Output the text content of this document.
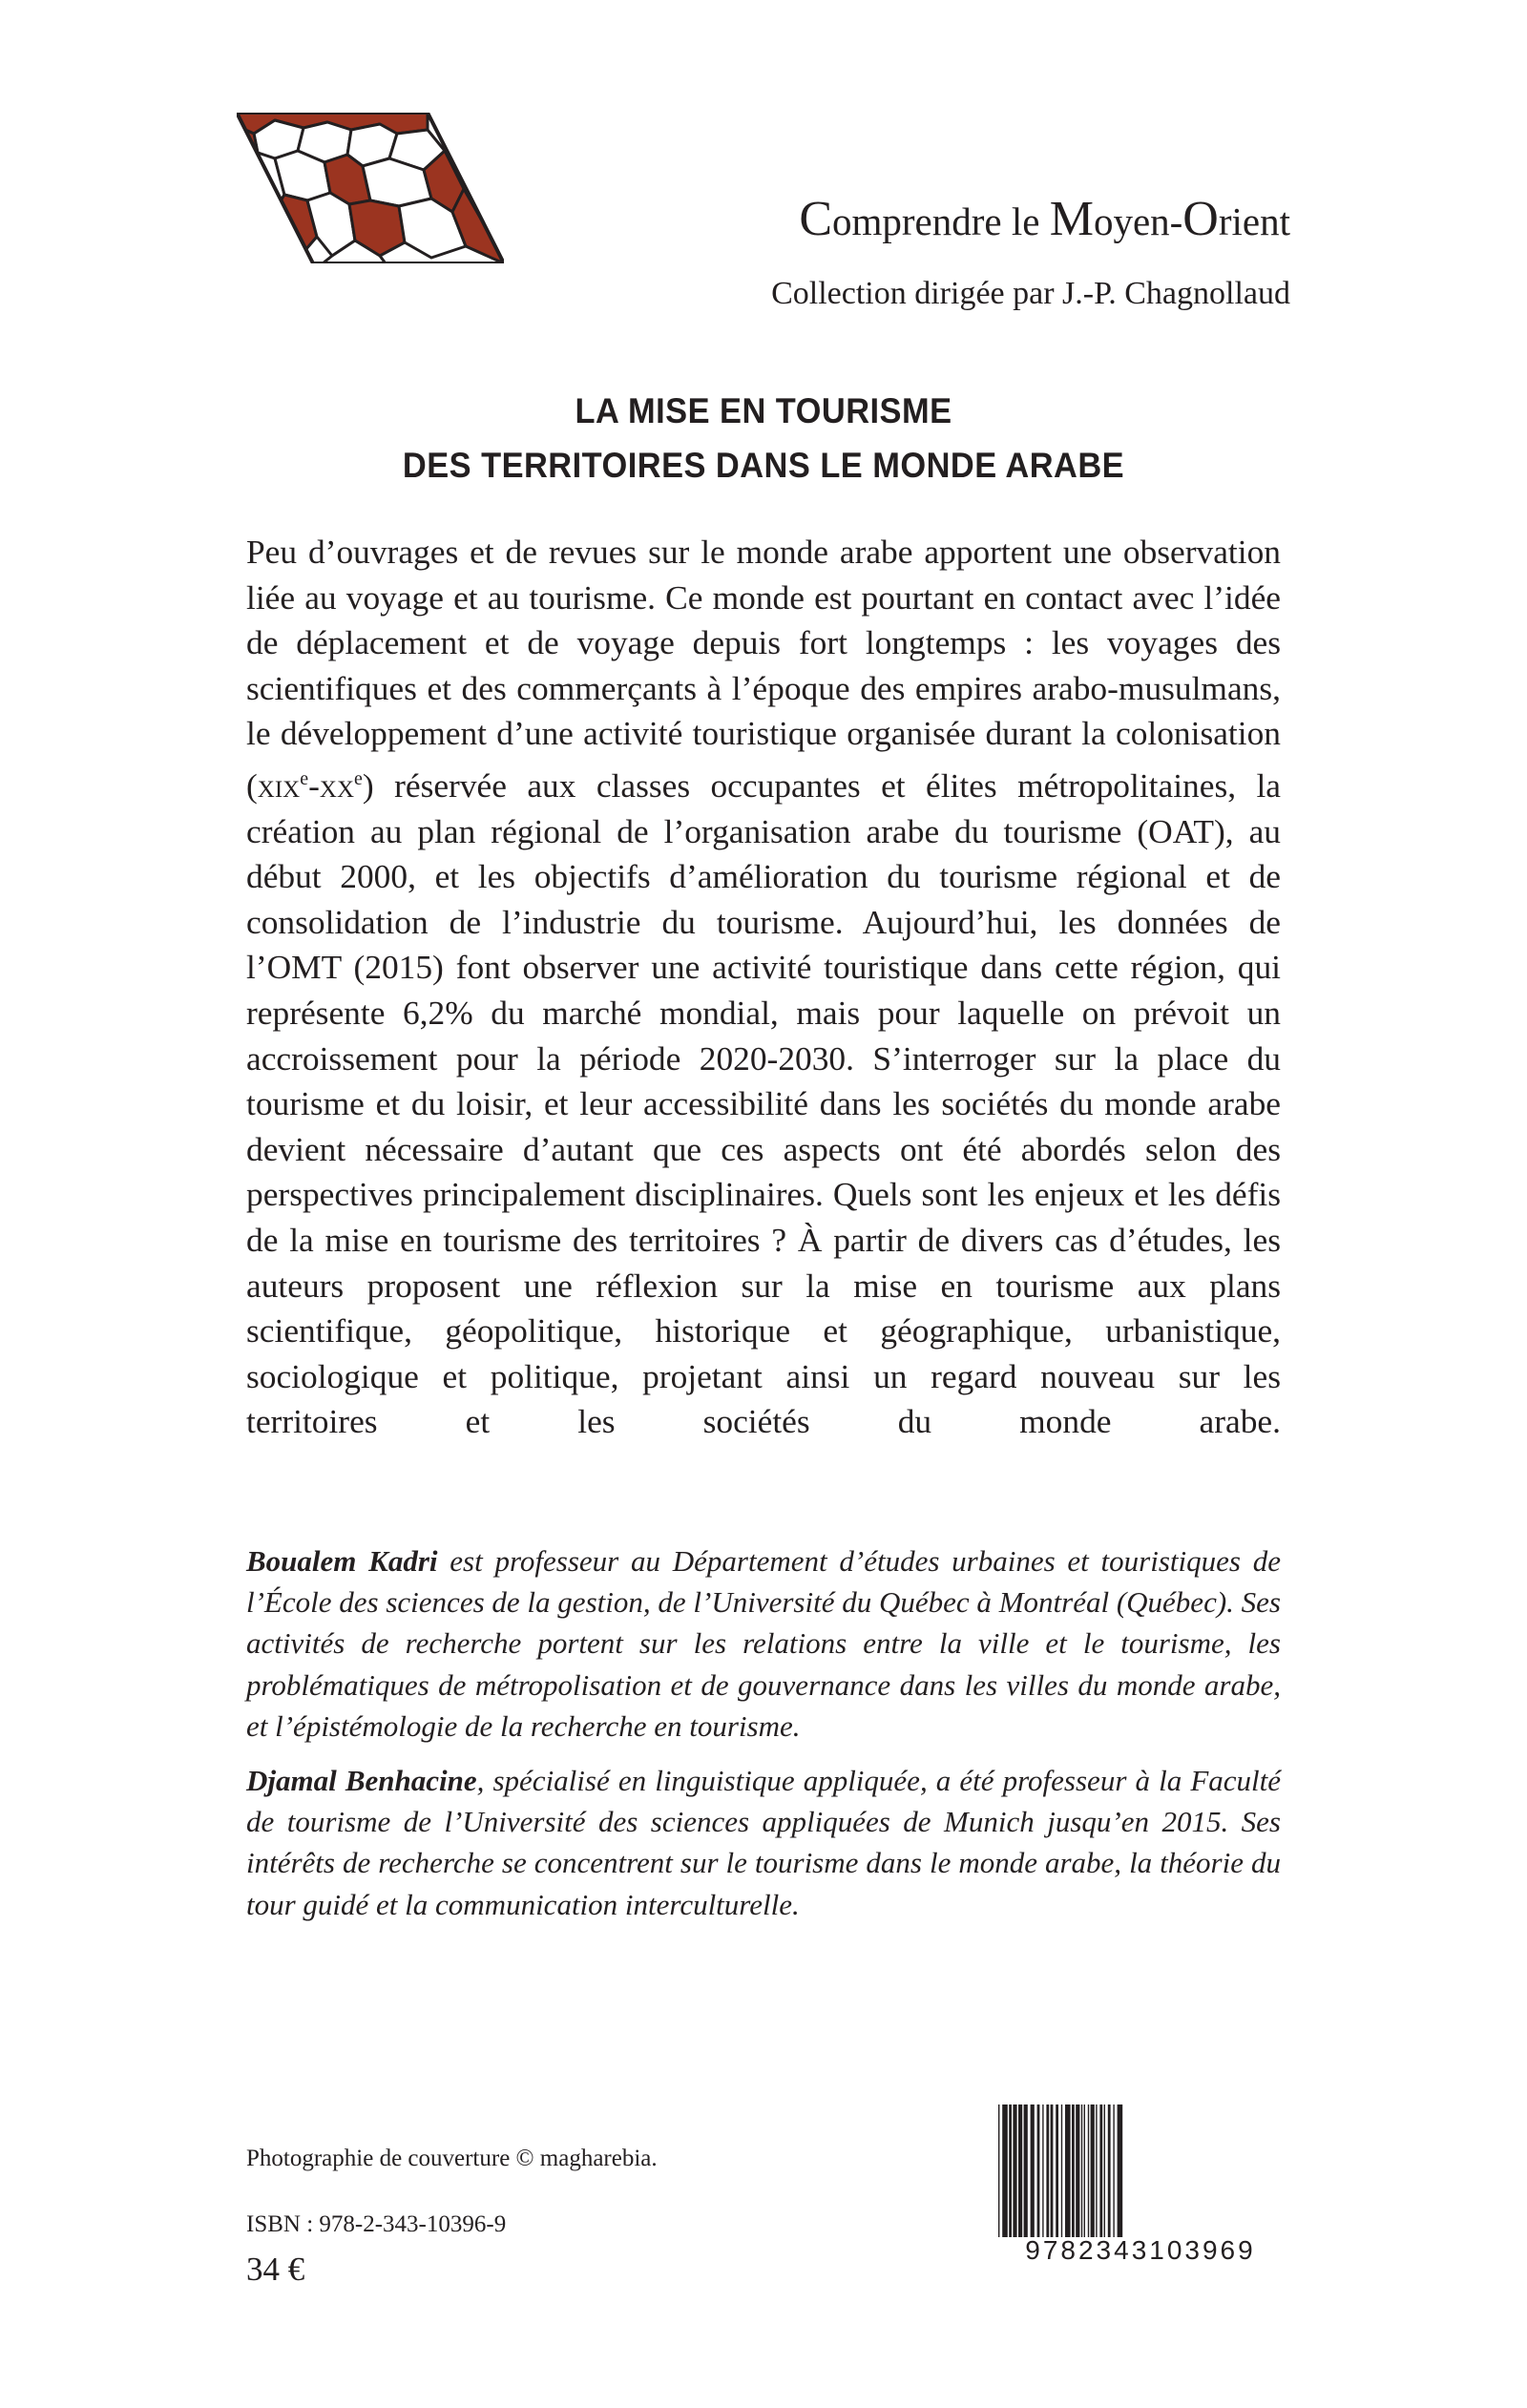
Comprendre le Moyen-Orient
Collection dirigée par J.-P. Chagnollaud
LA MISE EN TOURISME
DES TERRITOIRES DANS LE MONDE ARABE

Peu d’ouvrages et de revues sur le monde arabe apportent une observation liée au voyage et au tourisme. Ce monde est pourtant en contact avec l’idée de déplacement et de voyage depuis fort longtemps : les voyages des scientifiques et des commerçants à l’époque des empires arabo-musulmans, le développement d’une activité touristique organisée durant la colonisation $(xix^e-xx^e)$ réservée aux classes occupantes et élites métropolitaines, la création au plan régional de l’organisation arabe du tourisme (OAT), au début 2000, et les objectifs d’amélioration du tourisme régional et de consolidation de l’industrie du tourisme. Aujourd’hui, les données de l’OMT (2015) font observer une activité touristique dans cette région, qui représente 6,2% du marché mondial, mais pour laquelle on prévoit un accroissement pour la période 2020-2030. S’interroger sur la place du tourisme et du loisir, et leur accessibilité dans les sociétés du monde arabe devient nécessaire d’autant que ces aspects ont été abordés selon des perspectives principalement disciplinaires. Quels sont les enjeux et les défis de la mise en tourisme des territoires ? À partir de divers cas d’études, les auteurs proposent une réflexion sur la mise en tourisme aux plans scientifique, géopolitique, historique et géographique, urbanistique, sociologique et politique, projetant ainsi un regard nouveau sur les territoires et les sociétés du monde arabe.

Boualem Kadri est professeur au Département d’études urbaines et touristiques de l’École des sciences de la gestion, de l’Université du Québec à Montréal (Québec). Ses activités de recherche portent sur les relations entre la ville et le tourisme, les problématiques de métropolisation et de gouvernance dans les villes du monde arabe, et l’épistémologie de la recherche en tourisme.

Djamal Benhacine, spécialisé en linguistique appliquée, a été professeur à la Faculté de tourisme de l’Université des sciences appliquées de Munich jusqu’en 2015. Ses intérêts de recherche se concentrent sur le tourisme dans le monde arabe, la théorie du tour guidé et la communication interculturelle.

Photographie de couverture © magharebia.
ISBN : 978-2-343-10396-9
34 €
9782343103969
